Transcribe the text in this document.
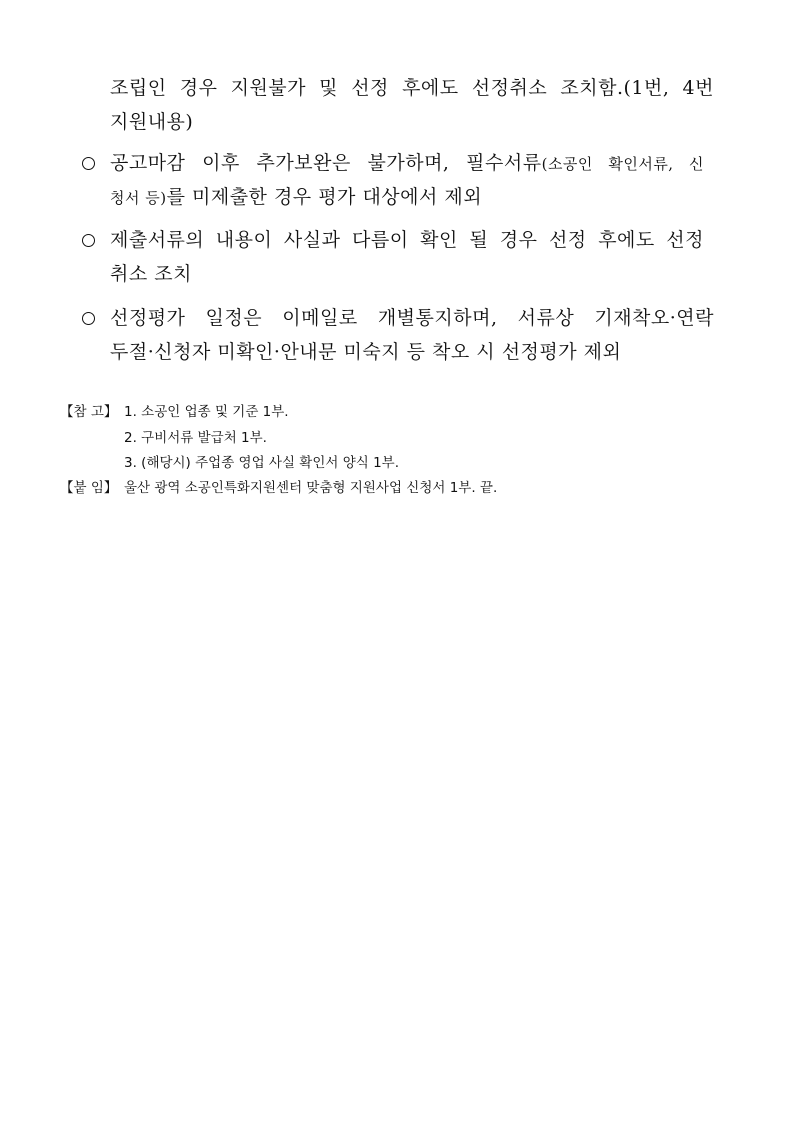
조립인 경우 지원불가 및 선정 후에도 선정취소 조치함.(1번, 4번
지원내용)
공고마감 이후 추가보완은 불가하며, 필수서류(소공인 확인서류, 신
청서 등)를 미제출한 경우 평가 대상에서 제외
제출서류의 내용이 사실과 다름이 확인 될 경우 선정 후에도 선정
취소 조치
선정평가 일정은 이메일로 개별통지하며, 서류상 기재착오·연락
두절·신청자 미확인·안내문 미숙지 등 착오 시 선정평가 제외
【참 고】 1. 소공인 업종 및 기준 1부.
2. 구비서류 발급처 1부.
3. (해당시) 주업종 영업 사실 확인서 양식 1부.
【붙 임】 울산 광역 소공인특화지원센터 맞춤형 지원사업 신청서 1부. 끝.
